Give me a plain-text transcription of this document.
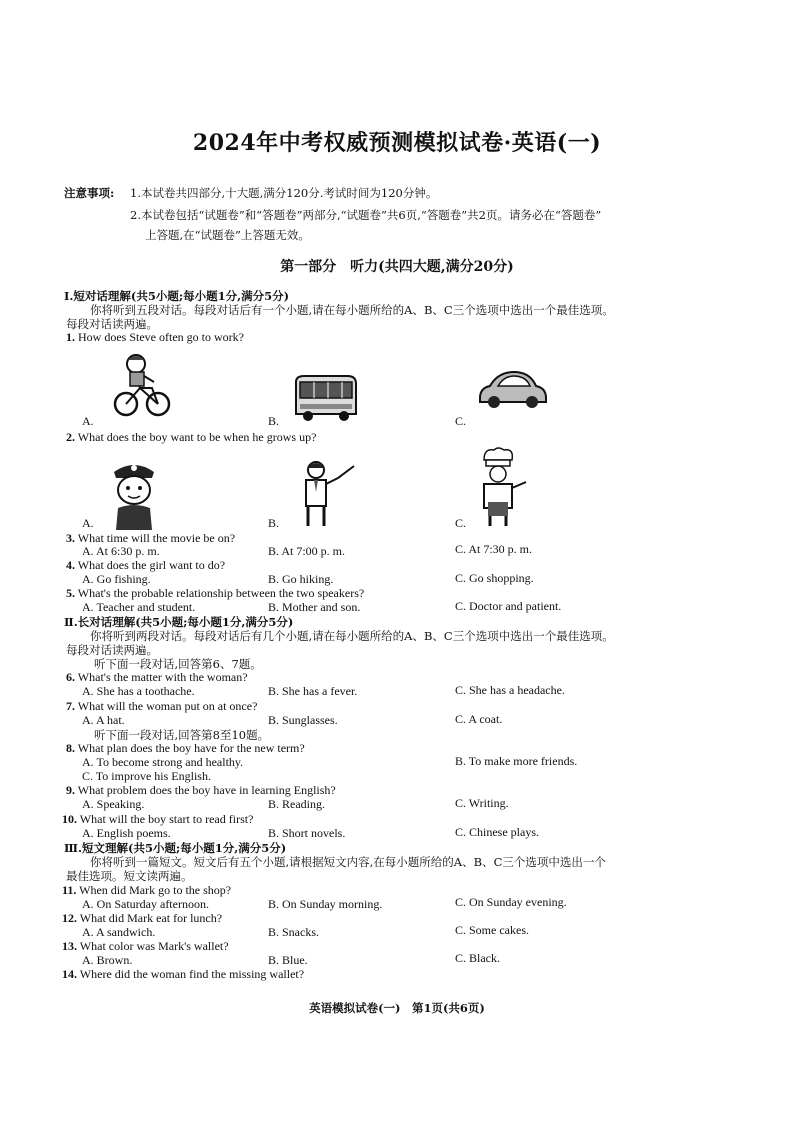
2024年中考权威预测模拟试卷·英语(一)
注意事项: 1.本试卷共四部分,十大题,满分120分.考试时间为120分钟。
2.本试卷包括“试题卷”和“答题卷”两部分,“试题卷”共6页,“答题卷”共2页。请务必在“答题卷”
上答题,在“试题卷”上答题无效。
第一部分　听力(共四大题,满分20分)
Ⅰ.短对话理解(共5小题;每小题1分,满分5分)
你将听到五段对话。每段对话后有一个小题,请在每小题所给的A、B、C三个选项中选出一个最佳选项。
每段对话读两遍。
1. How does Steve often go to work?
A.	B.	C.
2. What does the boy want to be when he grows up?
A.	B.	C.
3. What time will the movie be on?
A. At 6:30 p. m.	B. At 7:00 p. m.	C. At 7:30 p. m.
4. What does the girl want to do?
A. Go fishing.	B. Go hiking.	C. Go shopping.
5. What's the probable relationship between the two speakers?
A. Teacher and student.	B. Mother and son.	C. Doctor and patient.
Ⅱ.长对话理解(共5小题;每小题1分,满分5分)
你将听到两段对话。每段对话后有几个小题,请在每小题所给的A、B、C三个选项中选出一个最佳选项。
每段对话读两遍。
听下面一段对话,回答第6、7题。
6. What's the matter with the woman?
A. She has a toothache.	B. She has a fever.	C. She has a headache.
7. What will the woman put on at once?
A. A hat.	B. Sunglasses.	C. A coat.
听下面一段对话,回答第8至10题。
8. What plan does the boy have for the new term?
A. To become strong and healthy.	B. To make more friends.
C. To improve his English.
9. What problem does the boy have in learning English?
A. Speaking.	B. Reading.	C. Writing.
10. What will the boy start to read first?
A. English poems.	B. Short novels.	C. Chinese plays.
Ⅲ.短文理解(共5小题;每小题1分,满分5分)
你将听到一篇短文。短文后有五个小题,请根据短文内容,在每小题所给的A、B、C三个选项中选出一个
最佳选项。短文读两遍。
11. When did Mark go to the shop?
A. On Saturday afternoon.	B. On Sunday morning.	C. On Sunday evening.
12. What did Mark eat for lunch?
A. A sandwich.	B. Snacks.	C. Some cakes.
13. What color was Mark's wallet?
A. Brown.	B. Blue.	C. Black.
14. Where did the woman find the missing wallet?
英语模拟试卷(一)　第1页(共6页)
